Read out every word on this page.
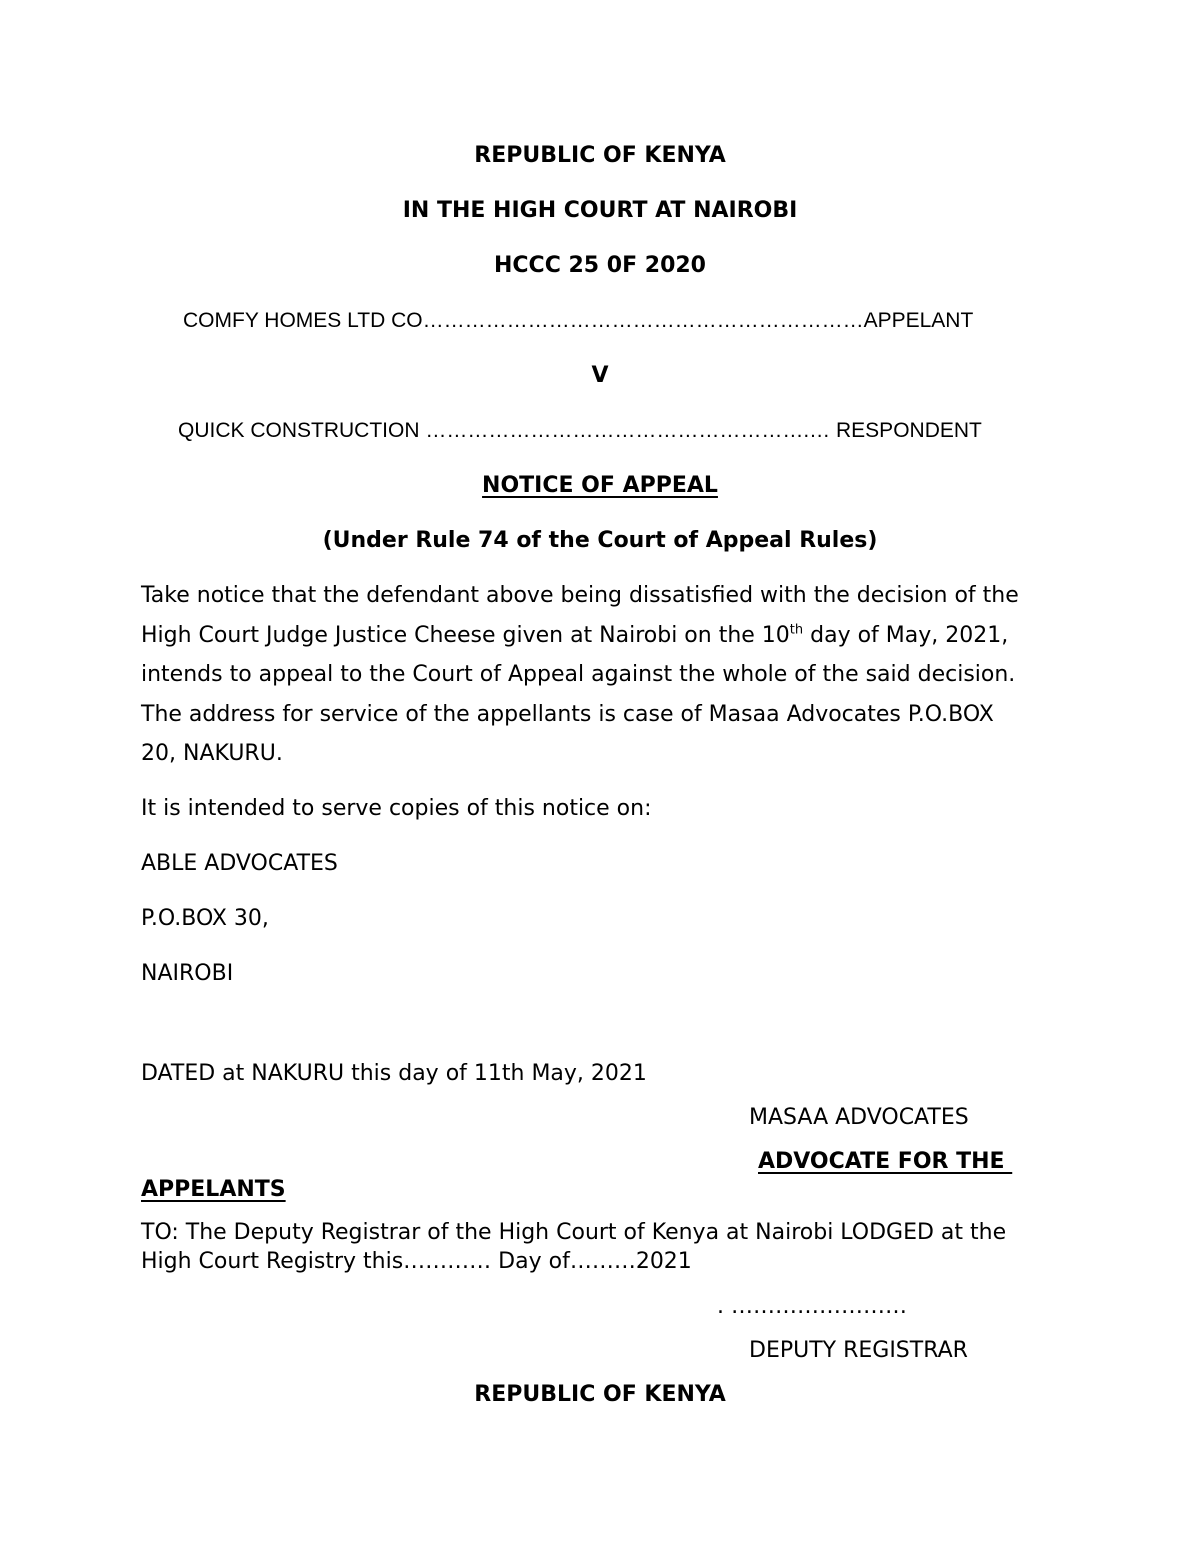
REPUBLIC OF KENYA
IN THE HIGH COURT AT NAIROBI
HCCC 25 0F 2020
COMFY HOMES LTD CO………………………………………………………APPELANT
V
QUICK CONSTRUCTION ……………………………………………….… RESPONDENT
NOTICE OF APPEAL
(Under Rule 74 of the Court of Appeal Rules)
Take notice that the defendant above being dissatisfied with the decision of the
High Court Judge Justice Cheese given at Nairobi on the 10th day of May, 2021,
intends to appeal to the Court of Appeal against the whole of the said decision.
The address for service of the appellants is case of Masaa Advocates P.O.BOX
20, NAKURU.
It is intended to serve copies of this notice on:
ABLE ADVOCATES
P.O.BOX 30,
NAIROBI
DATED at NAKURU this day of 11th May, 2021
MASAA ADVOCATES
ADVOCATE FOR THE
APPELANTS
TO: The Deputy Registrar of the High Court of Kenya at Nairobi LODGED at the
High Court Registry this………… Day of………2021
. ……………………
DEPUTY REGISTRAR
REPUBLIC OF KENYA
